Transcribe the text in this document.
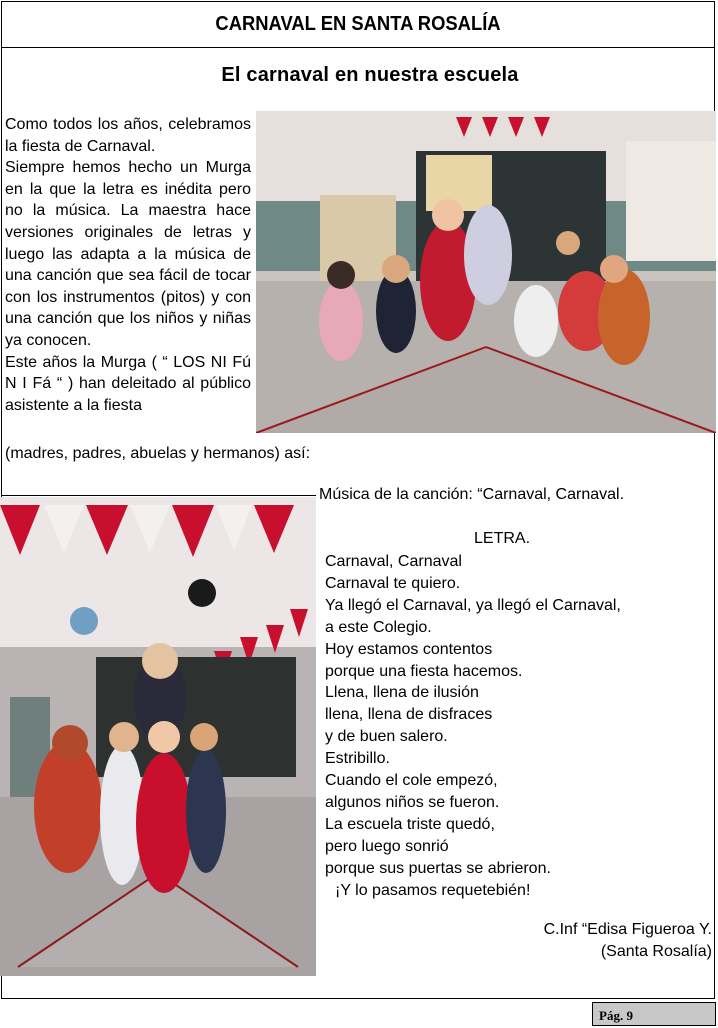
CARNAVAL EN SANTA ROSALÍA
El carnaval en nuestra escuela

Como todos los años, celebramos la fiesta de Carnaval.

Siempre hemos hecho un Murga en la que la letra es inédita pero no la música. La maestra hace versiones originales de letras y luego las adapta a la música de una canción que sea fácil de tocar con los instrumentos (pitos) y con una canción que los niños y niñas ya conocen.

Este años la Murga ( “ LOS NI Fú N I Fá “ ) han deleitado al público asistente a la fiesta

(madres, padres, abuelas y hermanos) así:
Música de la canción: “Carnaval, Carnaval.
LETRA.
Carnaval, Carnaval
Carnaval te quiero.
Ya llegó el Carnaval, ya llegó el Carnaval,
a este Colegio.
Hoy estamos contentos
porque una fiesta hacemos.
Llena, llena de ilusión
llena, llena de disfraces
y de buen salero.
Estribillo.
Cuando el cole empezó,
algunos niños se fueron.
La escuela triste quedó,
pero luego sonrió
porque sus puertas se abrieron.
¡Y lo pasamos requetebién!
C.Inf “Edisa Figueroa Y.
(Santa Rosalía)
Pág. 9
